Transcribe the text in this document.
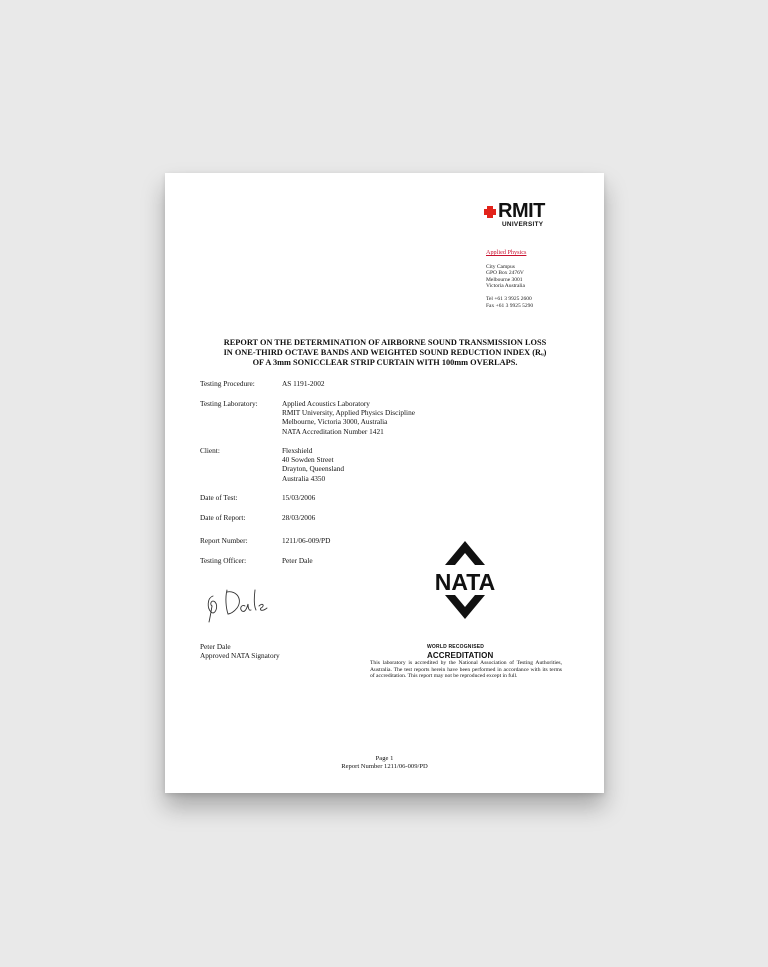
RMIT
UNIVERSITY
Applied Physics
City Campus
GPO Box 2476V
Melbourne 3001
Victoria Australia
Tel +61 3 9925 2600
Fax +61 3 9925 5290
REPORT ON THE DETERMINATION OF AIRBORNE SOUND TRANSMISSION LOSS
IN ONE-THIRD OCTAVE BANDS AND WEIGHTED SOUND REDUCTION INDEX (Rᵤ)
OF A 3mm SONICCLEAR STRIP CURTAIN WITH 100mm OVERLAPS.
Testing Procedure:	AS 1191-2002
Testing Laboratory:	Applied Acoustics Laboratory
RMIT University, Applied Physics Discipline
Melbourne, Victoria 3000, Australia
NATA Accreditation Number 1421
Client:	Flexshield
40 Sowden Street
Drayton, Queensland
Australia 4350
Date of Test:	15/03/2006
Date of Report:	28/03/2006
Report Number:	1211/06-009/PD
Testing Officer:	Peter Dale
Peter Dale
Approved NATA Signatory
NATA
WORLD RECOGNISED
ACCREDITATION
This laboratory is accredited by the National Association of Testing Authorities, Australia. The test reports herein have been performed in accordance with its terms of accreditation. This report may not be reproduced except in full.
Page 1
Report Number 1211/06-009/PD
